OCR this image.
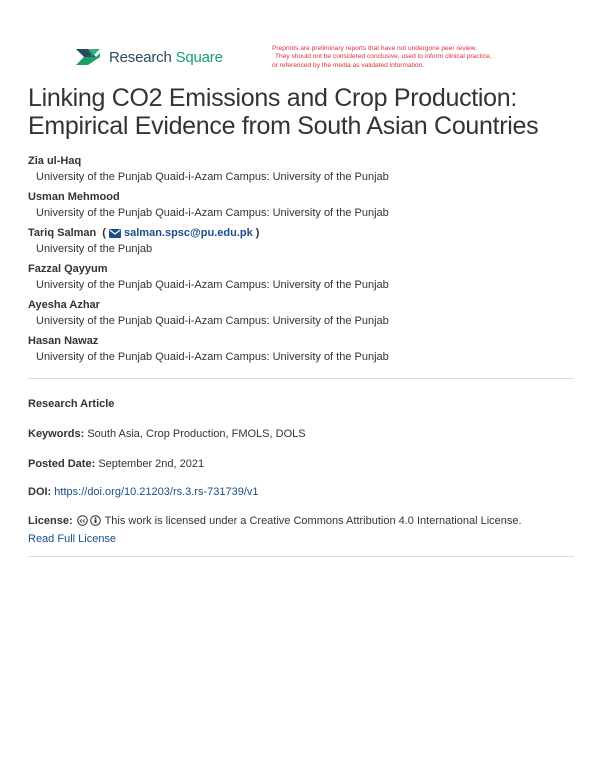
Research Square	Preprints are preliminary reports that have not undergone peer review.
They should not be considered conclusive, used to inform clinical practice,
or referenced by the media as validated information.
Linking CO2 Emissions and Crop Production: Empirical Evidence from South Asian Countries
Zia ul-Haq
University of the Punjab Quaid-i-Azam Campus: University of the Punjab
Usman Mehmood
University of the Punjab Quaid-i-Azam Campus: University of the Punjab
Tariq Salman ( salman.spsc@pu.edu.pk )
University of the Punjab
Fazzal Qayyum
University of the Punjab Quaid-i-Azam Campus: University of the Punjab
Ayesha Azhar
University of the Punjab Quaid-i-Azam Campus: University of the Punjab
Hasan Nawaz
University of the Punjab Quaid-i-Azam Campus: University of the Punjab
Research Article
Keywords: South Asia, Crop Production, FMOLS, DOLS
Posted Date: September 2nd, 2021
DOI: https://doi.org/10.21203/rs.3.rs-731739/v1
License: cc This work is licensed under a Creative Commons Attribution 4.0 International License.
Read Full License
